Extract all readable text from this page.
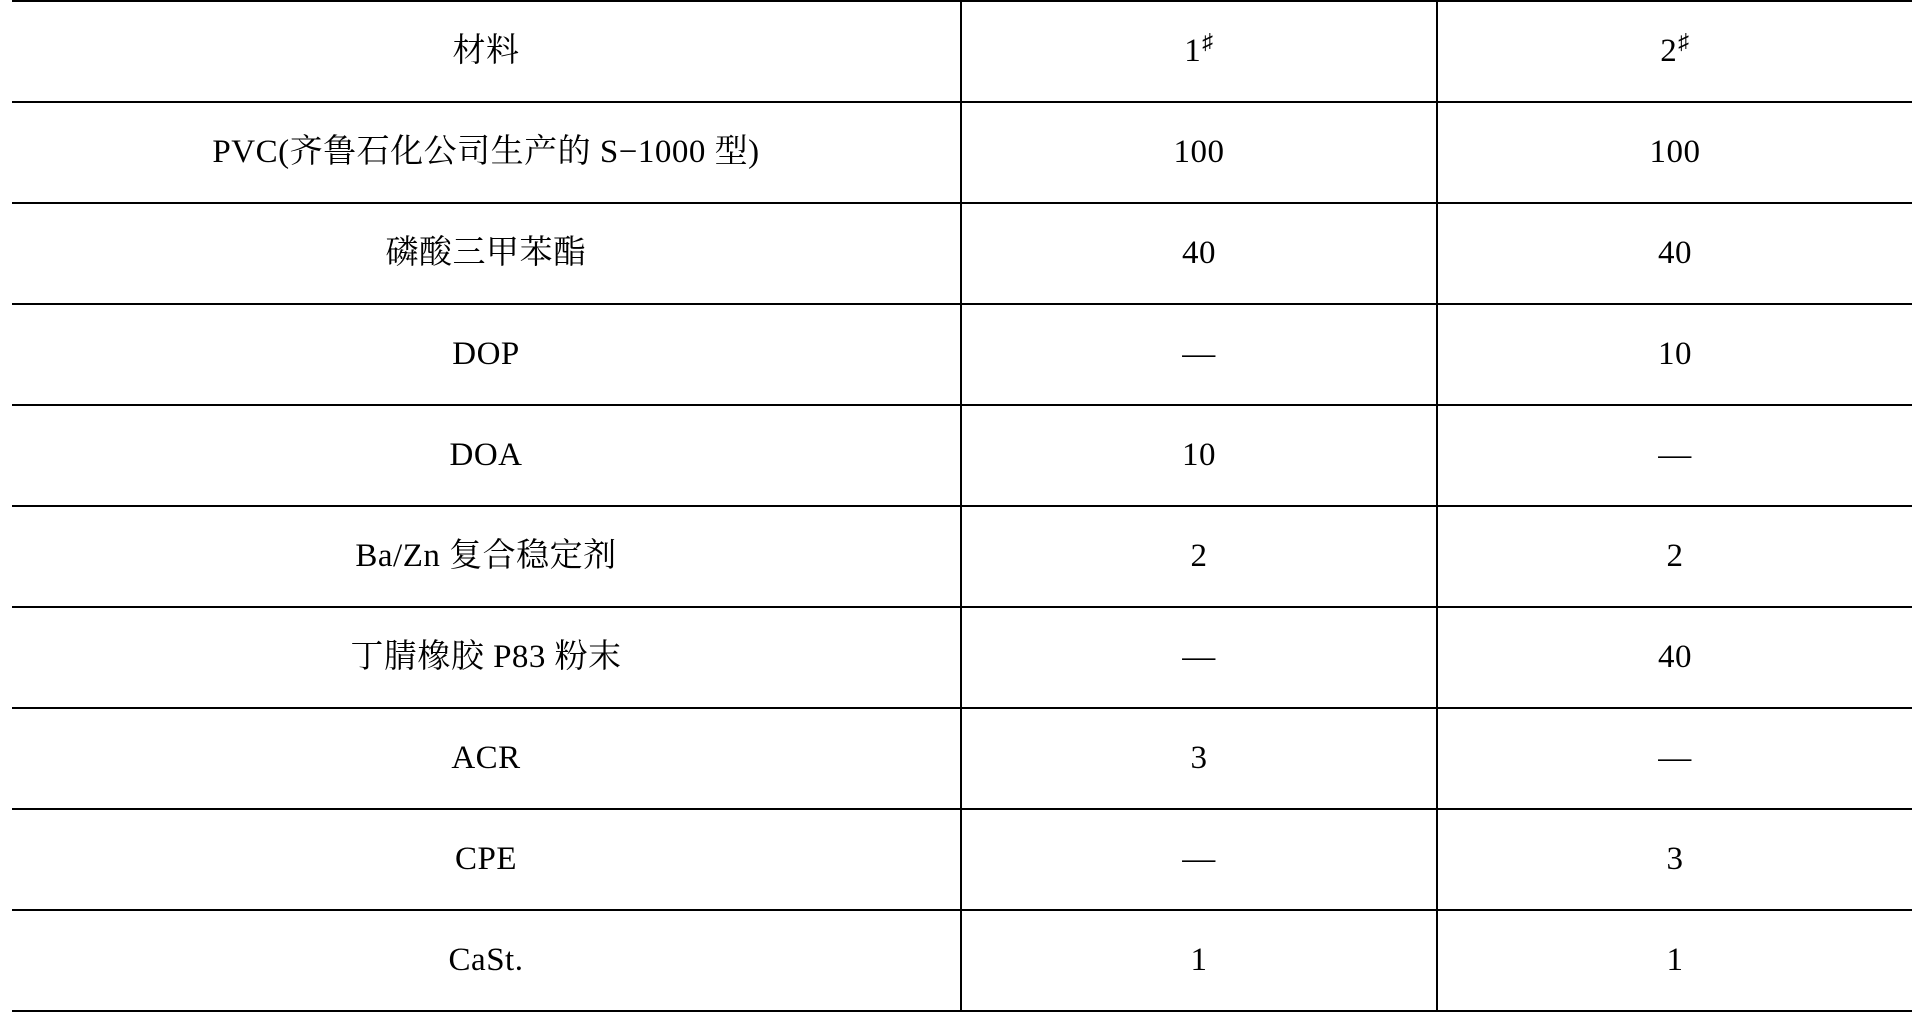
材料	1♯	2♯

PVC(齐鲁石化公司生产的 S−1000 型)	100	100

磷酸三甲苯酯	40	40

DOP	—	10

DOA	10	—

Ba/Zn 复合稳定剂	2	2

丁腈橡胶 P83 粉末	—	40

ACR	3	—

CPE	—	3

CaSt.	1	1
